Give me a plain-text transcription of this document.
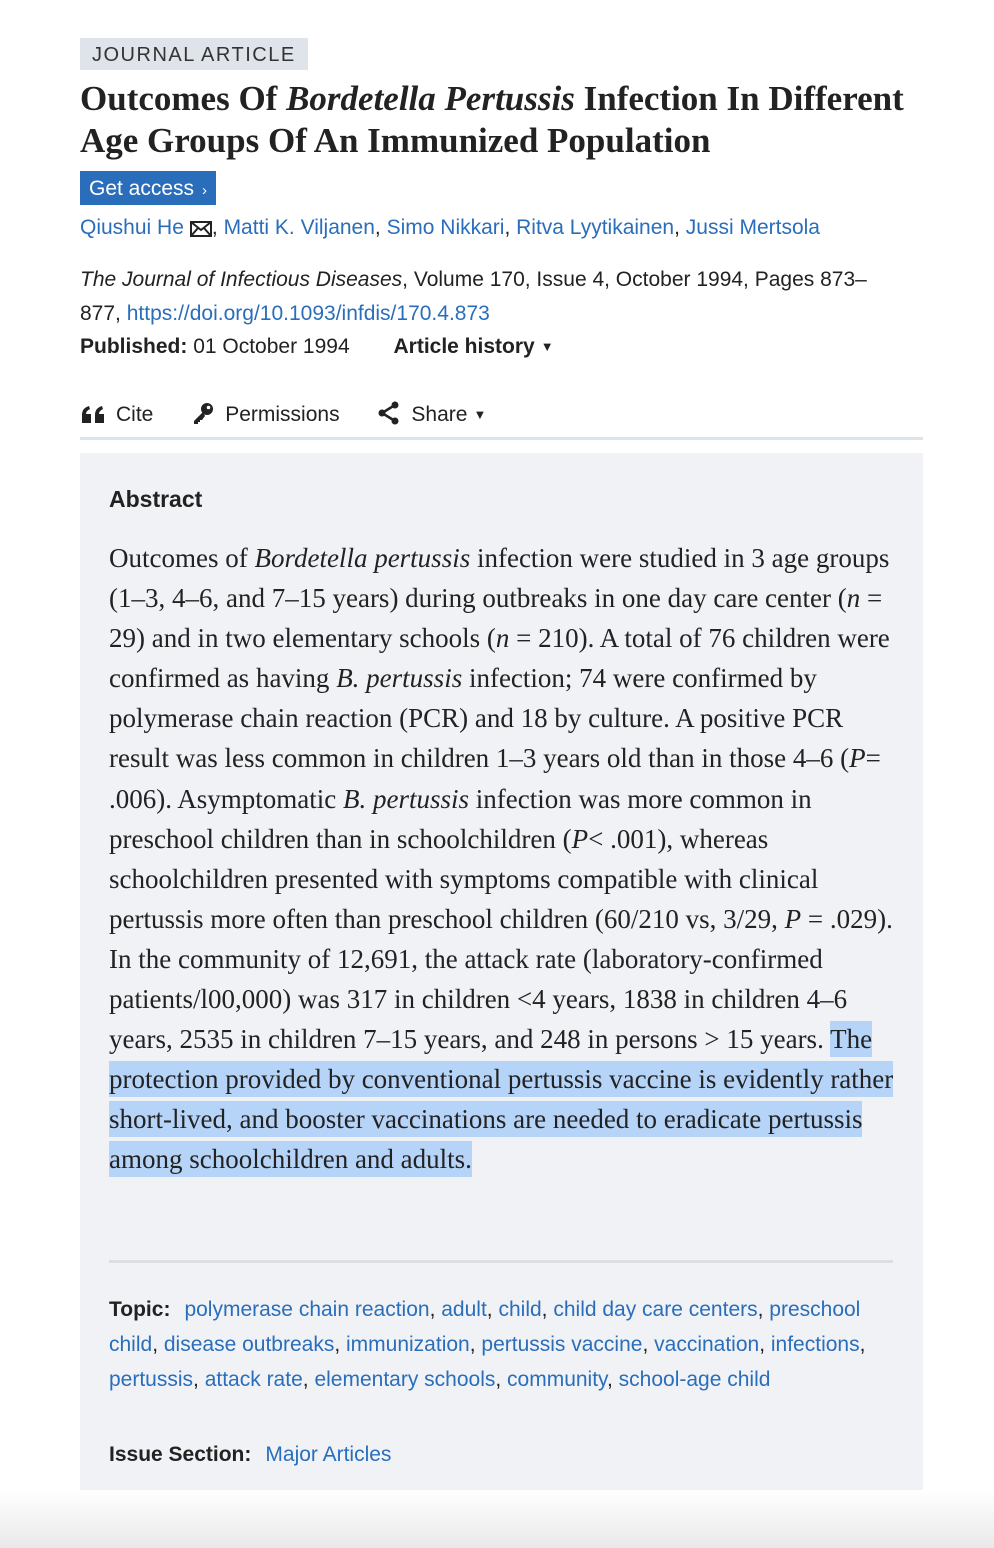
JOURNAL ARTICLE
Outcomes Of Bordetella Pertussis Infection In Different Age Groups Of An Immunized Population
Get access ›
Qiushui He , Matti K. Viljanen, Simo Nikkari, Ritva Lyytikainen, Jussi Mertsola
The Journal of Infectious Diseases, Volume 170, Issue 4, October 1994, Pages 873–877, https://doi.org/10.1093/infdis/170.4.873
Published: 01 October 1994 Article history ▼
Cite	Permissions	Share ▼
Abstract

Outcomes of Bordetella pertussis infection were studied in 3 age groups (1–3, 4–6, and 7–15 years) during outbreaks in one day care center (n = 29) and in two elementary schools (n = 210). A total of 76 children were confirmed as having B. pertussis infection; 74 were confirmed by polymerase chain reaction (PCR) and 18 by culture. A positive PCR result was less common in children 1–3 years old than in those 4–6 (P= .006). Asymptomatic B. pertussis infection was more common in preschool children than in schoolchildren (P< .001), whereas schoolchildren presented with symptoms compatible with clinical pertussis more often than preschool children (60/210 vs, 3/29, P = .029). In the community of 12,691, the attack rate (laboratory-confirmed patients/l00,000) was 317 in children <4 years, 1838 in children 4–6 years, 2535 in children 7–15 years, and 248 in persons > 15 years. The protection provided by conventional pertussis vaccine is evidently rather short-lived, and booster vaccinations are needed to eradicate pertussis among schoolchildren and adults.

Topic: polymerase chain reaction, adult, child, child day care centers, preschool child, disease outbreaks, immunization, pertussis vaccine, vaccination, infections, pertussis, attack rate, elementary schools, community, school-age child
Issue Section: Major Articles
